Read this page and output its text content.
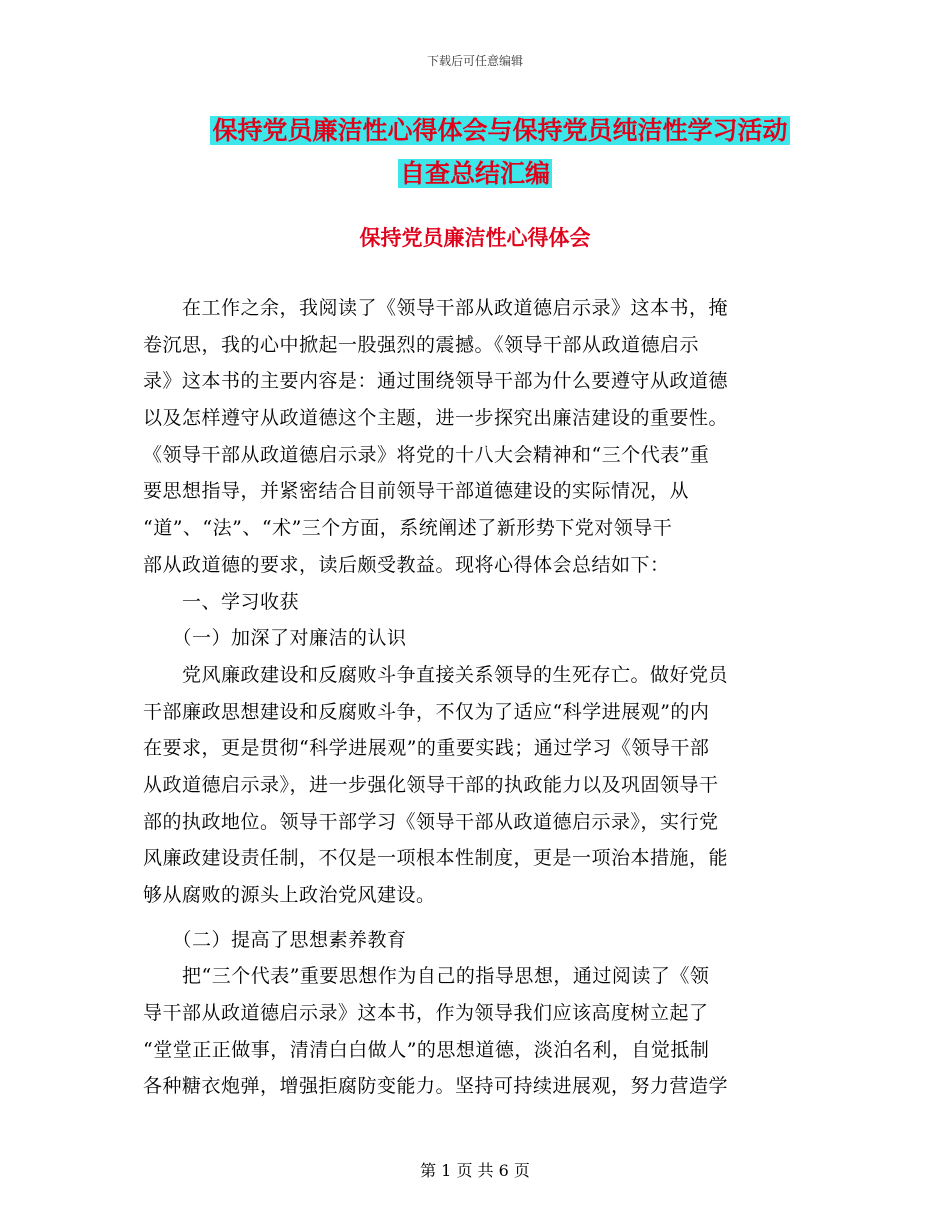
下载后可任意编辑
保持党员廉洁性心得体会与保持党员纯洁性学习活动
自查总结汇编
保持党员廉洁性心得体会
　　在工作之余，我阅读了《领导干部从政道德启示录》这本书，掩
卷沉思，我的心中掀起一股强烈的震撼。《领导干部从政道德启示
录》这本书的主要内容是：通过围绕领导干部为什么要遵守从政道德
以及怎样遵守从政道德这个主题，进一步探究出廉洁建设的重要性。
《领导干部从政道德启示录》将党的十八大会精神和“三个代表”重
要思想指导，并紧密结合目前领导干部道德建设的实际情况，从
“道”、“法”、“术”三个方面，系统阐述了新形势下党对领导干
部从政道德的要求，读后颇受教益。现将心得体会总结如下：
　　一、学习收获
　　（一）加深了对廉洁的认识
　　党风廉政建设和反腐败斗争直接关系领导的生死存亡。做好党员
干部廉政思想建设和反腐败斗争，不仅为了适应“科学进展观”的内
在要求，更是贯彻“科学进展观”的重要实践；通过学习《领导干部
从政道德启示录》，进一步强化领导干部的执政能力以及巩固领导干
部的执政地位。领导干部学习《领导干部从政道德启示录》，实行党
风廉政建设责任制，不仅是一项根本性制度，更是一项治本措施，能
够从腐败的源头上政治党风建设。
　　（二）提高了思想素养教育
　　把“三个代表”重要思想作为自己的指导思想，通过阅读了《领
导干部从政道德启示录》这本书，作为领导我们应该高度树立起了
“堂堂正正做事，清清白白做人”的思想道德，淡泊名利，自觉抵制
各种糖衣炮弹，增强拒腐防变能力。坚持可持续进展观，努力营造学
第 1 页 共 6 页
